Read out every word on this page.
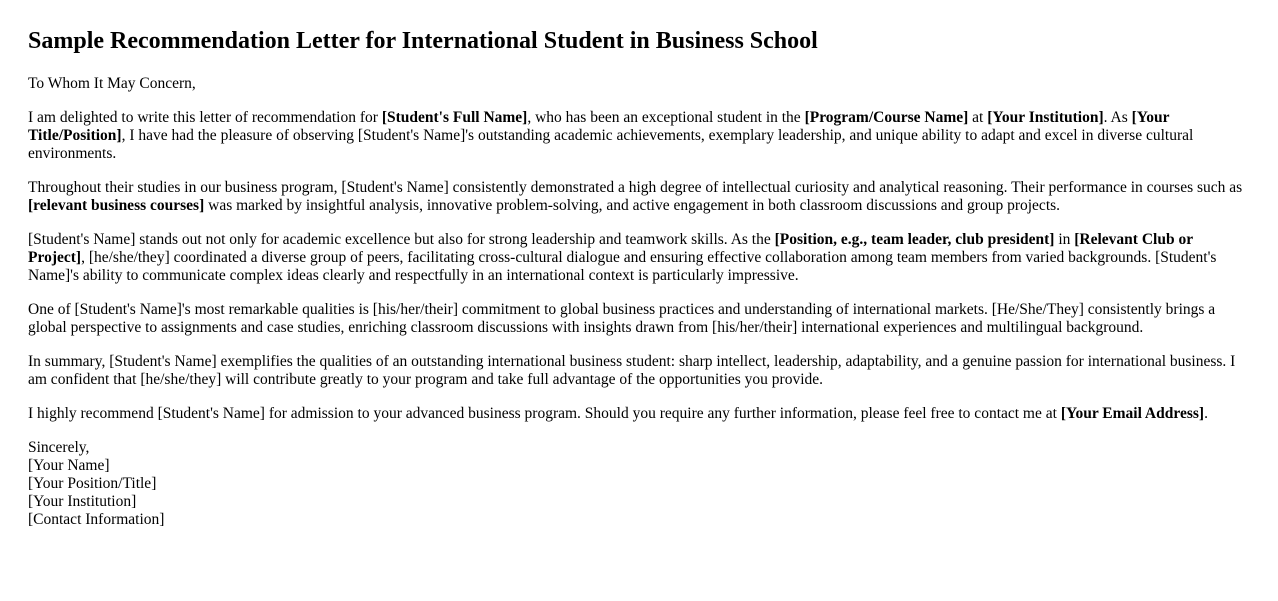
Sample Recommendation Letter for International Student in Business School

To Whom It May Concern,

I am delighted to write this letter of recommendation for [Student's Full Name], who has been an exceptional student in the [Program/Course Name] at [Your Institution]. As [Your Title/Position], I have had the pleasure of observing [Student's Name]'s outstanding academic achievements, exemplary leadership, and unique ability to adapt and excel in diverse cultural environments.

Throughout their studies in our business program, [Student's Name] consistently demonstrated a high degree of intellectual curiosity and analytical reasoning. Their performance in courses such as [relevant business courses] was marked by insightful analysis, innovative problem-solving, and active engagement in both classroom discussions and group projects.

[Student's Name] stands out not only for academic excellence but also for strong leadership and teamwork skills. As the [Position, e.g., team leader, club president] in [Relevant Club or Project], [he/she/they] coordinated a diverse group of peers, facilitating cross-cultural dialogue and ensuring effective collaboration among team members from varied backgrounds. [Student's Name]'s ability to communicate complex ideas clearly and respectfully in an international context is particularly impressive.

One of [Student's Name]'s most remarkable qualities is [his/her/their] commitment to global business practices and understanding of international markets. [He/She/They] consistently brings a global perspective to assignments and case studies, enriching classroom discussions with insights drawn from [his/her/their] international experiences and multilingual background.

In summary, [Student's Name] exemplifies the qualities of an outstanding international business student: sharp intellect, leadership, adaptability, and a genuine passion for international business. I am confident that [he/she/they] will contribute greatly to your program and take full advantage of the opportunities you provide.

I highly recommend [Student's Name] for admission to your advanced business program. Should you require any further information, please feel free to contact me at [Your Email Address].

Sincerely,
[Your Name]
[Your Position/Title]
[Your Institution]
[Contact Information]
